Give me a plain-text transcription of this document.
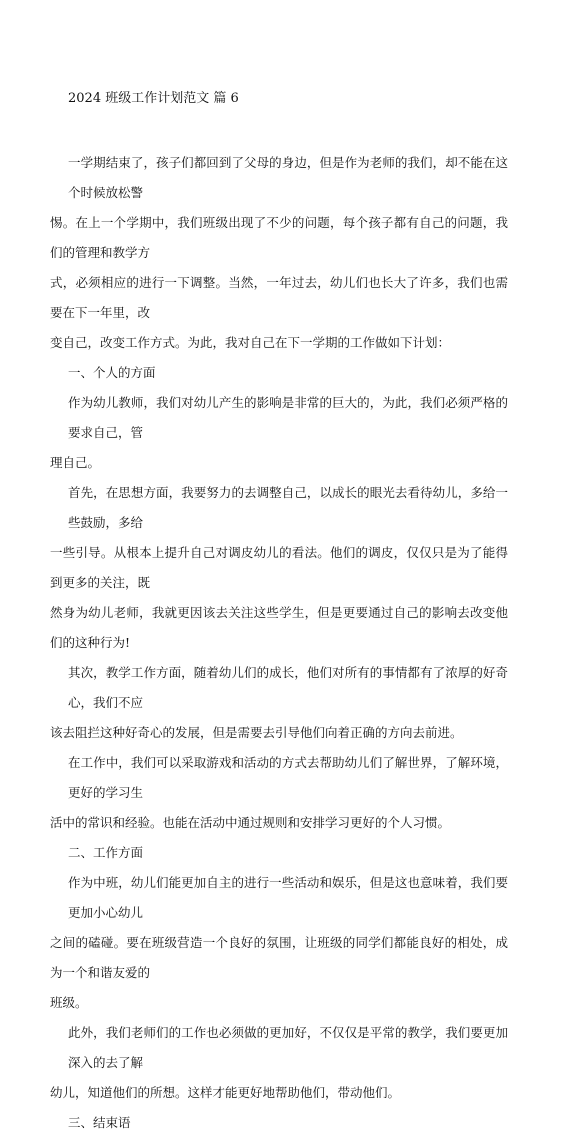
2024 班级工作计划范文 篇 6
一学期结束了，孩子们都回到了父母的身边，但是作为老师的我们，却不能在这个时候放松警
惕。在上一个学期中，我们班级出现了不少的问题，每个孩子都有自己的问题，我们的管理和教学方
式，必须相应的进行一下调整。当然，一年过去，幼儿们也长大了许多，我们也需要在下一年里，改
变自己，改变工作方式。为此，我对自己在下一学期的工作做如下计划：
一、个人的方面
作为幼儿教师，我们对幼儿产生的影响是非常的巨大的，为此，我们必须严格的要求自己，管
理自己。
首先，在思想方面，我要努力的去调整自己，以成长的眼光去看待幼儿，多给一些鼓励，多给
一些引导。从根本上提升自己对调皮幼儿的看法。他们的调皮，仅仅只是为了能得到更多的关注，既
然身为幼儿老师，我就更因该去关注这些学生，但是更要通过自己的影响去改变他们的这种行为!
其次，教学工作方面，随着幼儿们的成长，他们对所有的事情都有了浓厚的好奇心，我们不应
该去阻拦这种好奇心的发展，但是需要去引导他们向着正确的方向去前进。
在工作中，我们可以采取游戏和活动的方式去帮助幼儿们了解世界，了解环境，更好的学习生
活中的常识和经验。也能在活动中通过规则和安排学习更好的个人习惯。
二、工作方面
作为中班，幼儿们能更加自主的进行一些活动和娱乐，但是这也意味着，我们要更加小心幼儿
之间的磕碰。要在班级营造一个良好的氛围，让班级的同学们都能良好的相处，成为一个和谐友爱的
班级。
此外，我们老师们的工作也必须做的更加好，不仅仅是平常的教学，我们要更加深入的去了解
幼儿，知道他们的所想。这样才能更好地帮助他们，带动他们。
三、结束语
